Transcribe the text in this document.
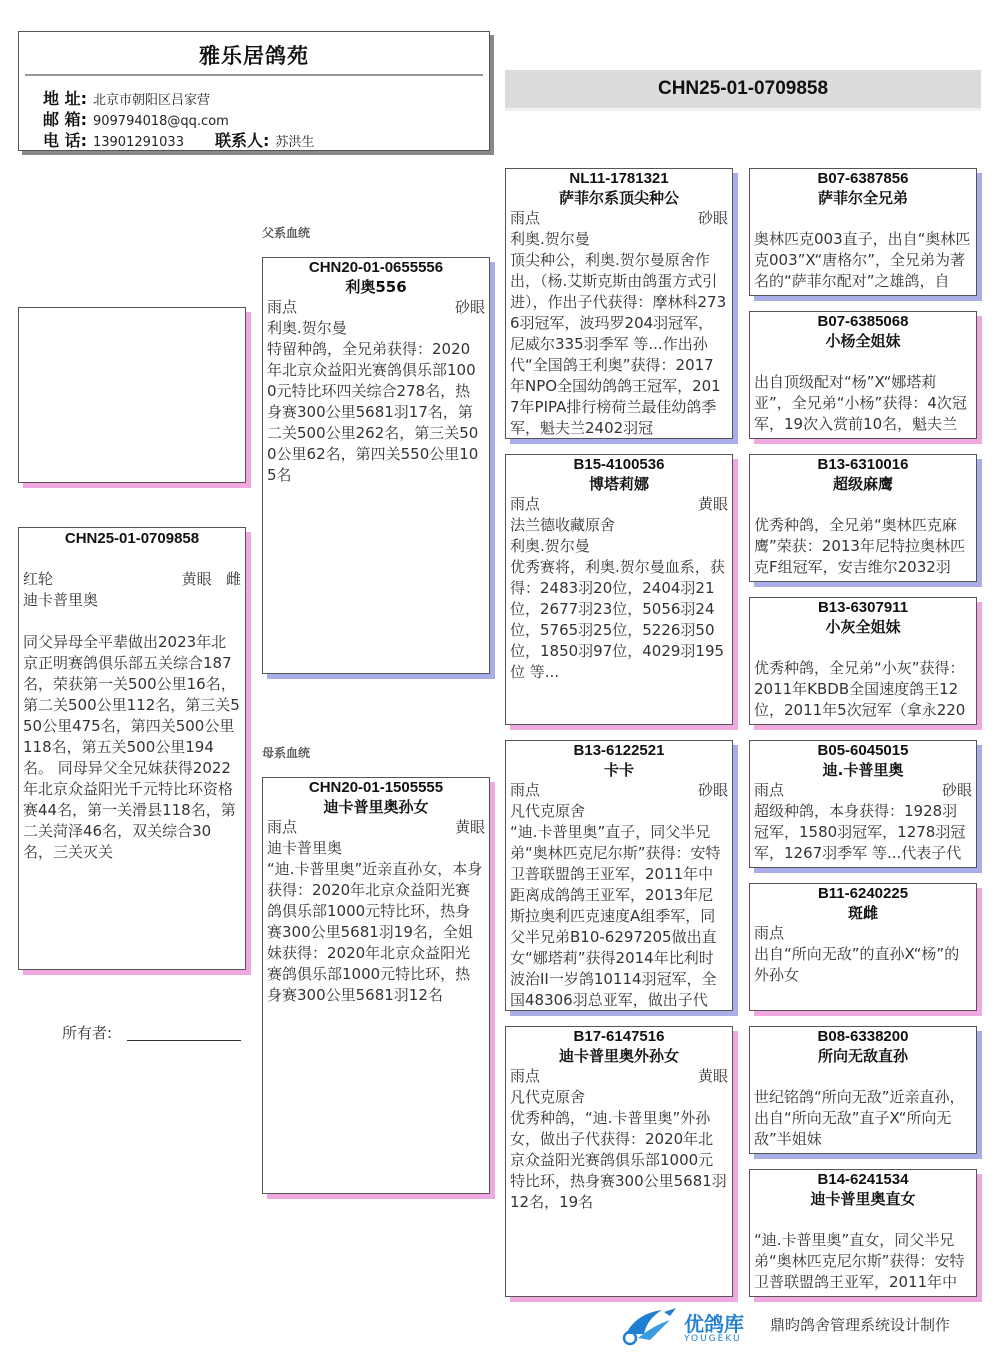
雅乐居鸽苑
地 址: 北京市朝阳区吕家营
邮 箱: 909794018@qq.com
电 话: 13901291033 联系人: 苏洪生
CHN25-01-0709858
CHN25-01-0709858
红轮	黄眼 雌
迪卡普里奥
同父异母全平辈做出2023年北京正明赛鸽俱乐部五关综合187名，荣获第一关500公里16名，第二关500公里112名，第三关550公里475名，第四关500公里118名，第五关500公里194名。 同母异父全兄妹获得2022年北京众益阳光千元特比环资格赛44名，第一关滑县118名，第二关菏泽46名，双关综合30名，三关灭关
所有者:
父系血统
母系血统
CHN20-01-0655556
利奥556
雨点	砂眼
利奥.贺尔曼
特留种鸽，全兄弟获得：2020年北京众益阳光赛鸽俱乐部1000元特比环四关综合278名，热身赛300公里5681羽17名，第二关500公里262名，第三关500公里62名，第四关550公里105名
CHN20-01-1505555
迪卡普里奥孙女
雨点	黄眼
迪卡普里奥
“迪.卡普里奥”近亲直孙女，本身获得：2020年北京众益阳光赛鸽俱乐部1000元特比环，热身赛300公里5681羽19名，全姐妹获得：2020年北京众益阳光赛鸽俱乐部1000元特比环，热身赛300公里5681羽12名
NL11-1781321
萨菲尔系顶尖种公
雨点	砂眼
利奥.贺尔曼
顶尖种公，利奥.贺尔曼原舍作出，（杨.艾斯克斯由鸽蛋方式引进），作出子代获得：摩林科2736羽冠军，波玛罗204羽冠军，尼威尔335羽季军 等...作出孙代“全国鸽王利奥”获得：2017年NPO全国幼鸽鸽王冠军，2017年PIPA排行榜荷兰最佳幼鸽季军，魁夫兰2402羽冠
B15-4100536
博塔莉娜
雨点	黄眼
法兰德收藏原舍
利奥.贺尔曼
优秀赛将，利奥.贺尔曼血系，获得：2483羽20位，2404羽21位，2677羽23位，5056羽24位，5765羽25位，5226羽50位，1850羽97位，4029羽195位 等...
B13-6122521
卡卡
雨点	砂眼
凡代克原舍
“迪.卡普里奥”直子，同父半兄弟“奥林匹克尼尔斯”获得：安特卫普联盟鸽王亚军，2011年中距离成鸽鸽王亚军，2013年尼斯拉奥利匹克速度A组季军，同父半兄弟B10-6297205做出直女“娜塔莉”获得2014年比利时波治II一岁鸽10114羽冠军，全国48306羽总亚军，做出子代
B17-6147516
迪卡普里奥外孙女
雨点	黄眼
凡代克原舍
优秀种鸽，“迪.卡普里奥”外孙女，做出子代获得：2020年北京众益阳光赛鸽俱乐部1000元特比环，热身赛300公里5681羽 12名，19名
B07-6387856
萨菲尔全兄弟
奥林匹克003直子，出自“奥林匹克003”X“唐格尔”，全兄弟为著名的“萨菲尔配对”之雄鸽，自
B07-6385068
小杨全姐妹
出自顶级配对“杨”X“娜塔莉亚”，全兄弟“小杨”获得：4次冠军，19次入赏前10名，魁夫兰
B13-6310016
超级麻鹰
优秀种鸽，全兄弟“奥林匹克麻鹰”荣获：2013年尼特拉奥林匹克F组冠军，安吉维尔2032羽
B13-6307911
小灰全姐妹
优秀种鸽，全兄弟“小灰”获得：2011年KBDB全国速度鸽王12位，2011年5次冠军（拿永220
B05-6045015
迪.卡普里奥
雨点	砂眼
超级种鸽，本身获得：1928羽冠军，1580羽冠军，1278羽冠军，1267羽季军 等...代表子代
B11-6240225
斑雌
雨点
出自“所向无敌”的直孙X“杨”的外孙女
B08-6338200
所向无敌直孙
世纪铭鸽“所向无敌”近亲直孙，出自“所向无敌”直子X“所向无敌”半姐妹
B14-6241534
迪卡普里奥直女
“迪.卡普里奥”直女，同父半兄弟“奥林匹克尼尔斯”获得：安特卫普联盟鸽王亚军，2011年中
优鸽库
YOUGEKU
鼎昀鸽舍管理系统设计制作
